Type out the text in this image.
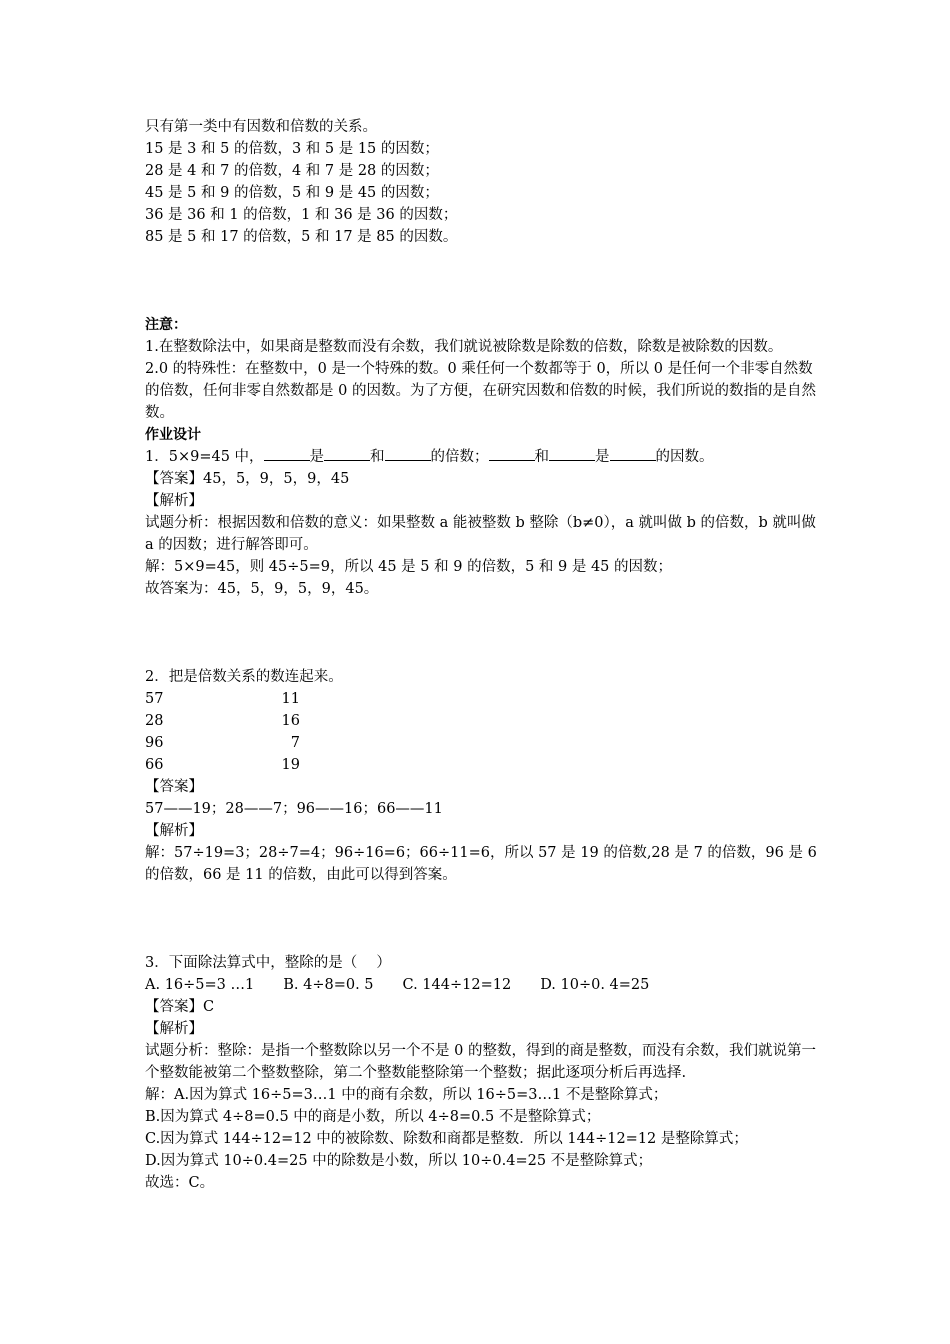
只有第一类中有因数和倍数的关系。
15 是 3 和 5 的倍数，3 和 5 是 15 的因数；
28 是 4 和 7 的倍数，4 和 7 是 28 的因数；
45 是 5 和 9 的倍数，5 和 9 是 45 的因数；
36 是 36 和 1 的倍数，1 和 36 是 36 的因数；
85 是 5 和 17 的倍数，5 和 17 是 85 的因数。
注意：
1.在整数除法中，如果商是整数而没有余数，我们就说被除数是除数的倍数，除数是被除数的因数。
2.0 的特殊性：在整数中，0 是一个特殊的数。0 乘任何一个数都等于 0，所以 0 是任何一个非零自然数的倍数，任何非零自然数都是 0 的因数。为了方便，在研究因数和倍数的时候，我们所说的数指的是自然数。
作业设计
1．5×9=45 中，	是	和	的倍数；	和	是	的因数。
【答案】45，5，9，5，9，45
【解析】
试题分析：根据因数和倍数的意义：如果整数 a 能被整数 b 整除（b≠0），a 就叫做 b 的倍数，b 就叫做 a 的因数；进行解答即可。
解：5×9=45，则 45÷5=9，所以 45 是 5 和 9 的倍数，5 和 9 是 45 的因数；
故答案为：45，5，9，5，9，45。
2．把是倍数关系的数连起来。
57	11
28	16
96	7
66	19
【答案】
57——19；28——7；96——16；66——11
【解析】
解：57÷19=3；28÷7=4；96÷16=6；66÷11=6，所以 57 是 19 的倍数,28 是 7 的倍数，96 是 6 的倍数，66 是 11 的倍数，由此可以得到答案。
3．下面除法算式中，整除的是（　 ）
A. 16÷5=3 …1　　B. 4÷8=0. 5　　C. 144÷12=12　　D. 10÷0. 4=25
【答案】C
【解析】
试题分析：整除：是指一个整数除以另一个不是 0 的整数，得到的商是整数，而没有余数，我们就说第一个整数能被第二个整数整除，第二个整数能整除第一个整数；据此逐项分析后再选择.
解：A.因为算式 16÷5=3…1 中的商有余数，所以 16÷5=3…1 不是整除算式；
B.因为算式 4÷8=0.5 中的商是小数，所以 4÷8=0.5 不是整除算式；
C.因为算式 144÷12=12 中的被除数、除数和商都是整数．所以 144÷12=12 是整除算式；
D.因为算式 10÷0.4=25 中的除数是小数，所以 10÷0.4=25 不是整除算式；
故选：C。
